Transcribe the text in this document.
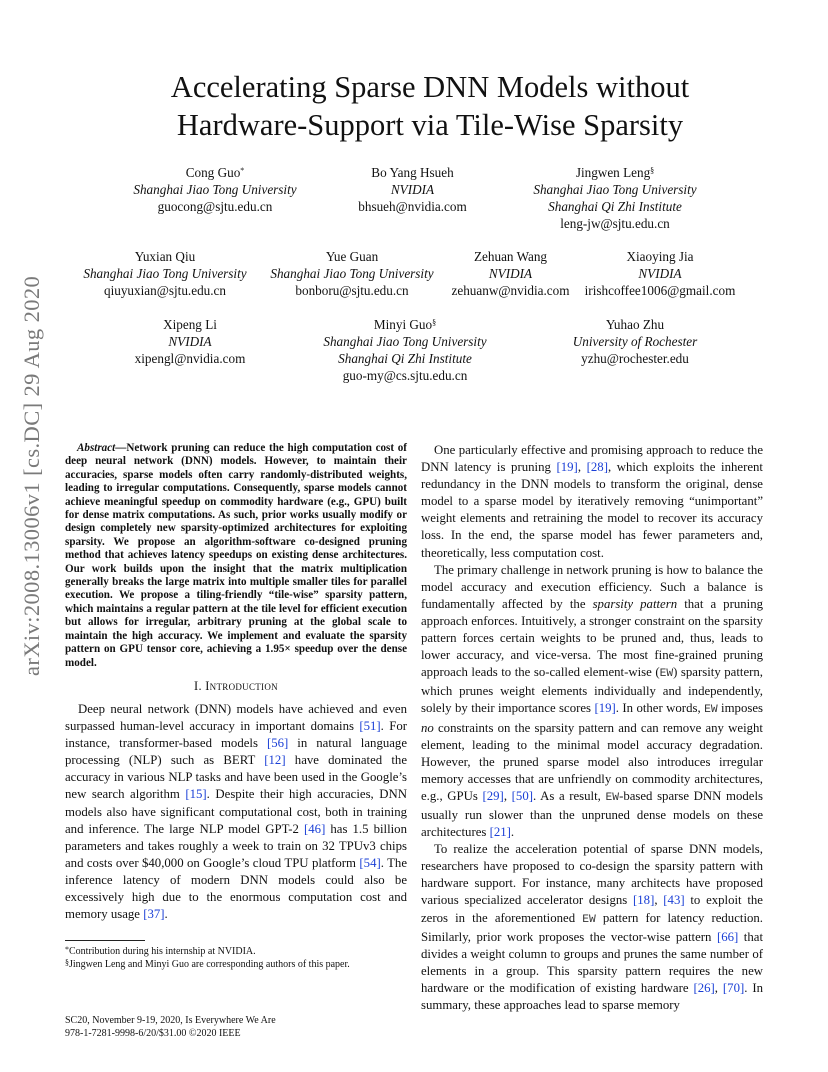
arXiv:2008.13006v1 [cs.DC] 29 Aug 2020
Accelerating Sparse DNN Models without
Hardware-Support via Tile-Wise Sparsity
Cong Guo*
Shanghai Jiao Tong University
guocong@sjtu.edu.cn
Bo Yang Hsueh
NVIDIA
bhsueh@nvidia.com
Jingwen Leng§
Shanghai Jiao Tong University
Shanghai Qi Zhi Institute
leng-jw@sjtu.edu.cn
Yuxian Qiu
Shanghai Jiao Tong University
qiuyuxian@sjtu.edu.cn
Yue Guan
Shanghai Jiao Tong University
bonboru@sjtu.edu.cn
Zehuan Wang
NVIDIA
zehuanw@nvidia.com
Xiaoying Jia
NVIDIA
irishcoffee1006@gmail.com
Xipeng Li
NVIDIA
xipengl@nvidia.com
Minyi Guo§
Shanghai Jiao Tong University
Shanghai Qi Zhi Institute
guo-my@cs.sjtu.edu.cn
Yuhao Zhu
University of Rochester
yzhu@rochester.edu

Abstract—Network pruning can reduce the high computation cost of deep neural network (DNN) models. However, to maintain their accuracies, sparse models often carry randomly-distributed weights, leading to irregular computations. Consequently, sparse models cannot achieve meaningful speedup on commodity hardware (e.g., GPU) built for dense matrix computations. As such, prior works usually modify or design completely new sparsity-optimized architectures for exploiting sparsity. We propose an algorithm-software co-designed pruning method that achieves latency speedups on existing dense architectures. Our work builds upon the insight that the matrix multiplication generally breaks the large matrix into multiple smaller tiles for parallel execution. We propose a tiling-friendly “tile-wise” sparsity pattern, which maintains a regular pattern at the tile level for efficient execution but allows for irregular, arbitrary pruning at the global scale to maintain the high accuracy. We implement and evaluate the sparsity pattern on GPU tensor core, achieving a 1.95× speedup over the dense model.

I. Introduction

Deep neural network (DNN) models have achieved and even surpassed human-level accuracy in important domains [51]. For instance, transformer-based models [56] in natural language processing (NLP) such as BERT [12] have dominated the accuracy in various NLP tasks and have been used in the Google’s new search algorithm [15]. Despite their high accuracies, DNN models also have significant computational cost, both in training and inference. The large NLP model GPT-2 [46] has 1.5 billion parameters and takes roughly a week to train on 32 TPUv3 chips and costs over $40,000 on Google’s cloud TPU platform [54]. The inference latency of modern DNN models could also be excessively high due to the enormous computation cost and memory usage [37].

*Contribution during his internship at NVIDIA.
§Jingwen Leng and Minyi Guo are corresponding authors of this paper.
SC20, November 9-19, 2020, Is Everywhere We Are
978-1-7281-9998-6/20/$31.00 ©2020 IEEE

One particularly effective and promising approach to reduce the DNN latency is pruning [19], [28], which exploits the inherent redundancy in the DNN models to transform the original, dense model to a sparse model by iteratively removing “unimportant” weight elements and retraining the model to recover its accuracy loss. In the end, the sparse model has fewer parameters and, theoretically, less computation cost.

The primary challenge in network pruning is how to balance the model accuracy and execution efficiency. Such a balance is fundamentally affected by the sparsity pattern that a pruning approach enforces. Intuitively, a stronger constraint on the sparsity pattern forces certain weights to be pruned and, thus, leads to lower accuracy, and vice-versa. The most fine-grained pruning approach leads to the so-called element-wise (EW) sparsity pattern, which prunes weight elements individually and independently, solely by their importance scores [19]. In other words, EW imposes no constraints on the sparsity pattern and can remove any weight element, leading to the minimal model accuracy degradation. However, the pruned sparse model also introduces irregular memory accesses that are unfriendly on commodity architectures, e.g., GPUs [29], [50]. As a result, EW-based sparse DNN models usually run slower than the unpruned dense models on these architectures [21].

To realize the acceleration potential of sparse DNN models, researchers have proposed to co-design the sparsity pattern with hardware support. For instance, many architects have proposed various specialized accelerator designs [18], [43] to exploit the zeros in the aforementioned EW pattern for latency reduction. Similarly, prior work proposes the vector-wise pattern [66] that divides a weight column to groups and prunes the same number of elements in a group. This sparsity pattern requires the new hardware or the modification of existing hardware [26], [70]. In summary, these approaches lead to sparse memory
